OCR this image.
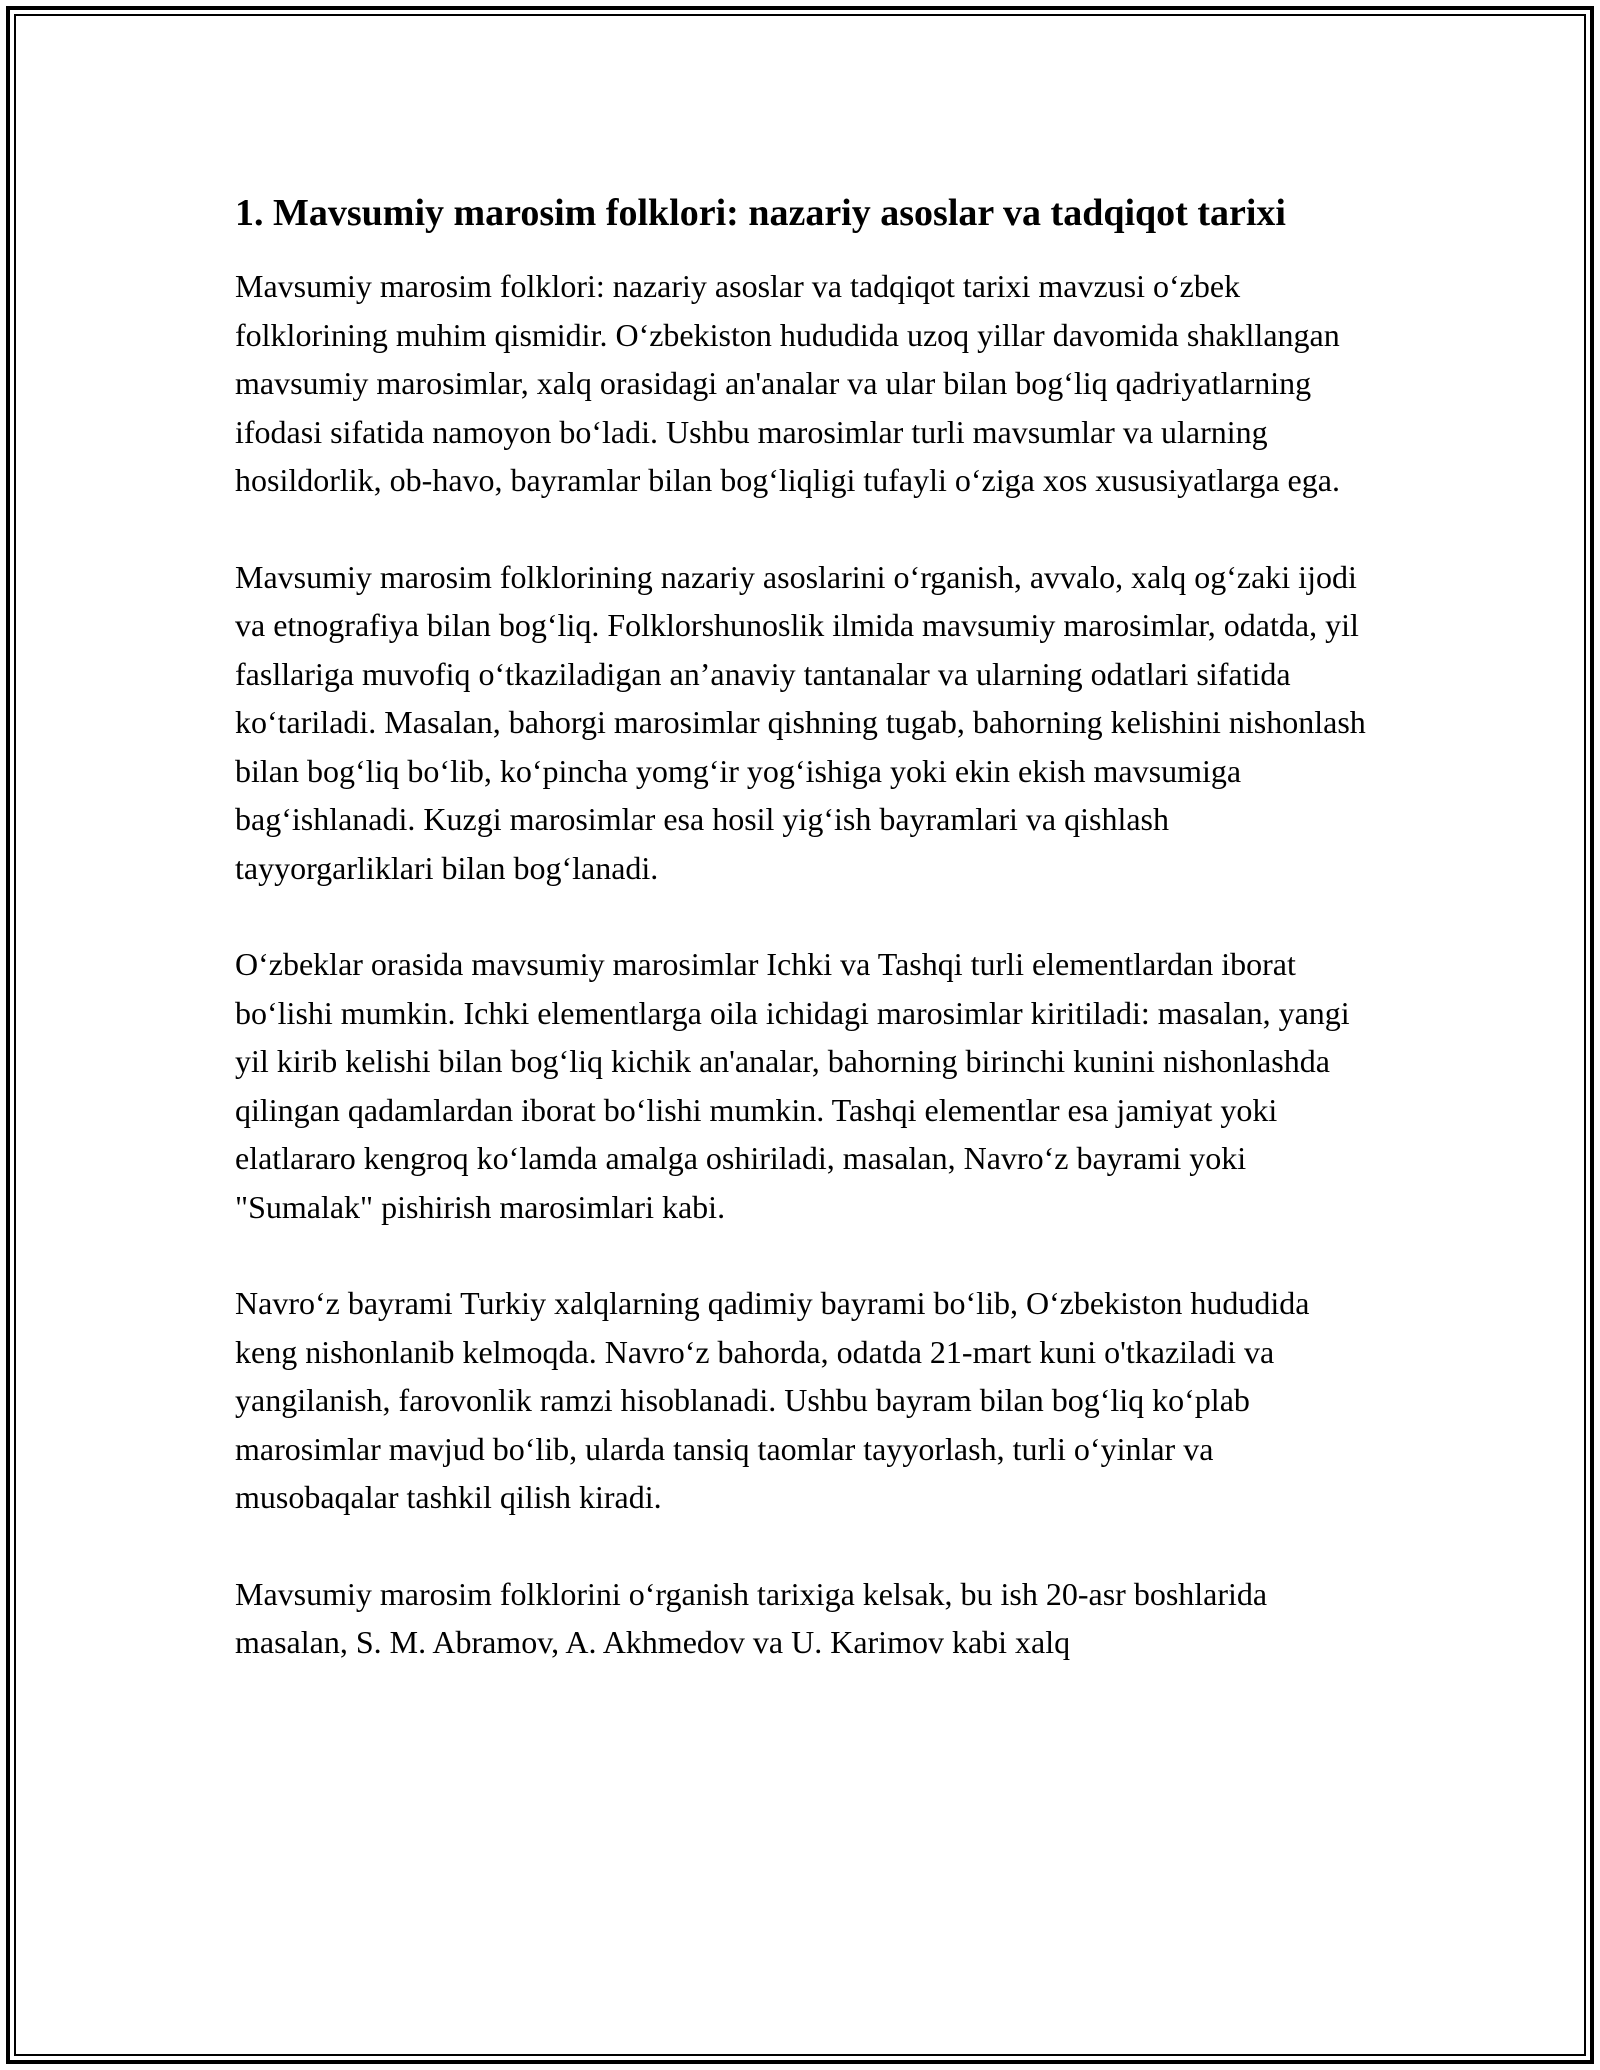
1. Mavsumiy marosim folklori: nazariy asoslar va tadqiqot tarixi

Mavsumiy marosim folklori: nazariy asoslar va tadqiqot tarixi mavzusi o‘zbek folklorining muhim qismidir. O‘zbekiston hududida uzoq yillar davomida shakllangan mavsumiy marosimlar, xalq orasidagi an'analar va ular bilan bog‘liq qadriyatlarning ifodasi sifatida namoyon bo‘ladi. Ushbu marosimlar turli mavsumlar va ularning hosildorlik, ob-havo, bayramlar bilan bog‘liqligi tufayli o‘ziga xos xususiyatlarga ega.

Mavsumiy marosim folklorining nazariy asoslarini o‘rganish, avvalo, xalq og‘zaki ijodi va etnografiya bilan bog‘liq. Folklorshunoslik ilmida mavsumiy marosimlar, odatda, yil fasllariga muvofiq o‘tkaziladigan an’anaviy tantanalar va ularning odatlari sifatida ko‘tariladi. Masalan, bahorgi marosimlar qishning tugab, bahorning kelishini nishonlash bilan bog‘liq bo‘lib, ko‘pincha yomg‘ir yog‘ishiga yoki ekin ekish mavsumiga bag‘ishlanadi. Kuzgi marosimlar esa hosil yig‘ish bayramlari va qishlash tayyorgarliklari bilan bog‘lanadi.

O‘zbeklar orasida mavsumiy marosimlar Ichki va Tashqi turli elementlardan iborat bo‘lishi mumkin. Ichki elementlarga oila ichidagi marosimlar kiritiladi: masalan, yangi yil kirib kelishi bilan bog‘liq kichik an'analar, bahorning birinchi kunini nishonlashda qilingan qadamlardan iborat bo‘lishi mumkin. Tashqi elementlar esa jamiyat yoki elatlararo kengroq ko‘lamda amalga oshiriladi, masalan, Navro‘z bayrami yoki "Sumalak" pishirish marosimlari kabi.

Navro‘z bayrami Turkiy xalqlarning qadimiy bayrami bo‘lib, O‘zbekiston hududida keng nishonlanib kelmoqda. Navro‘z bahorda, odatda 21-mart kuni o'tkaziladi va yangilanish, farovonlik ramzi hisoblanadi. Ushbu bayram bilan bog‘liq ko‘plab marosimlar mavjud bo‘lib, ularda tansiq taomlar tayyorlash, turli o‘yinlar va musobaqalar tashkil qilish kiradi.

Mavsumiy marosim folklorini o‘rganish tarixiga kelsak, bu ish 20-asr boshlarida masalan, S. M. Abramov, A. Akhmedov va U. Karimov kabi xalq
